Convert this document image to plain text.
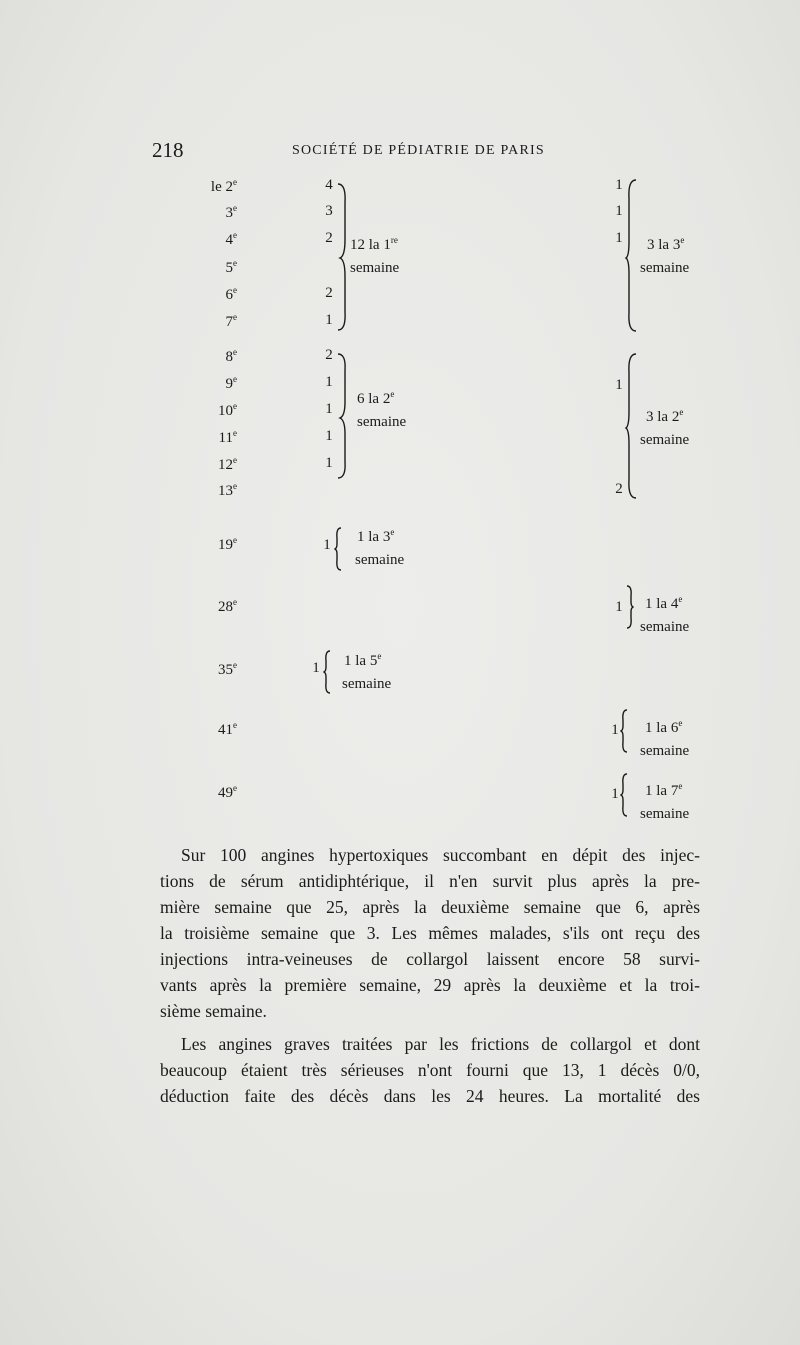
218	SOCIÉTÉ DE PÉDIATRIE DE PARIS
le 2e
3e
4e
5e
6e
7e
8e
9e
10e
11e
12e
13e
19e
28e
35e
41e
49e
4
3
2
2
1
2
1
1
1
1
1
1
1
1
1
1
2
1
1
1
12 la 1re
semaine
6 la 2e
semaine
1 la 3e
semaine
1 la 5e
semaine
3 la 3e
semaine
3 la 2e
semaine
1 la 4e
semaine
1 la 6e
semaine
1 la 7e
semaine

Sur 100 angines hypertoxiques succombant en dépit des injec-

tions de sérum antidiphtérique, il n'en survit plus après la pre-

mière semaine que 25, après la deuxième semaine que 6, après

la troisième semaine que 3. Les mêmes malades, s'ils ont reçu des

injections intra-veineuses de collargol laissent encore 58 survi-

vants après la première semaine, 29 après la deuxième et la troi-

sième semaine.

Les angines graves traitées par les frictions de collargol et dont

beaucoup étaient très sérieuses n'ont fourni que 13, 1 décès 0/0,

déduction faite des décès dans les 24 heures. La mortalité des
